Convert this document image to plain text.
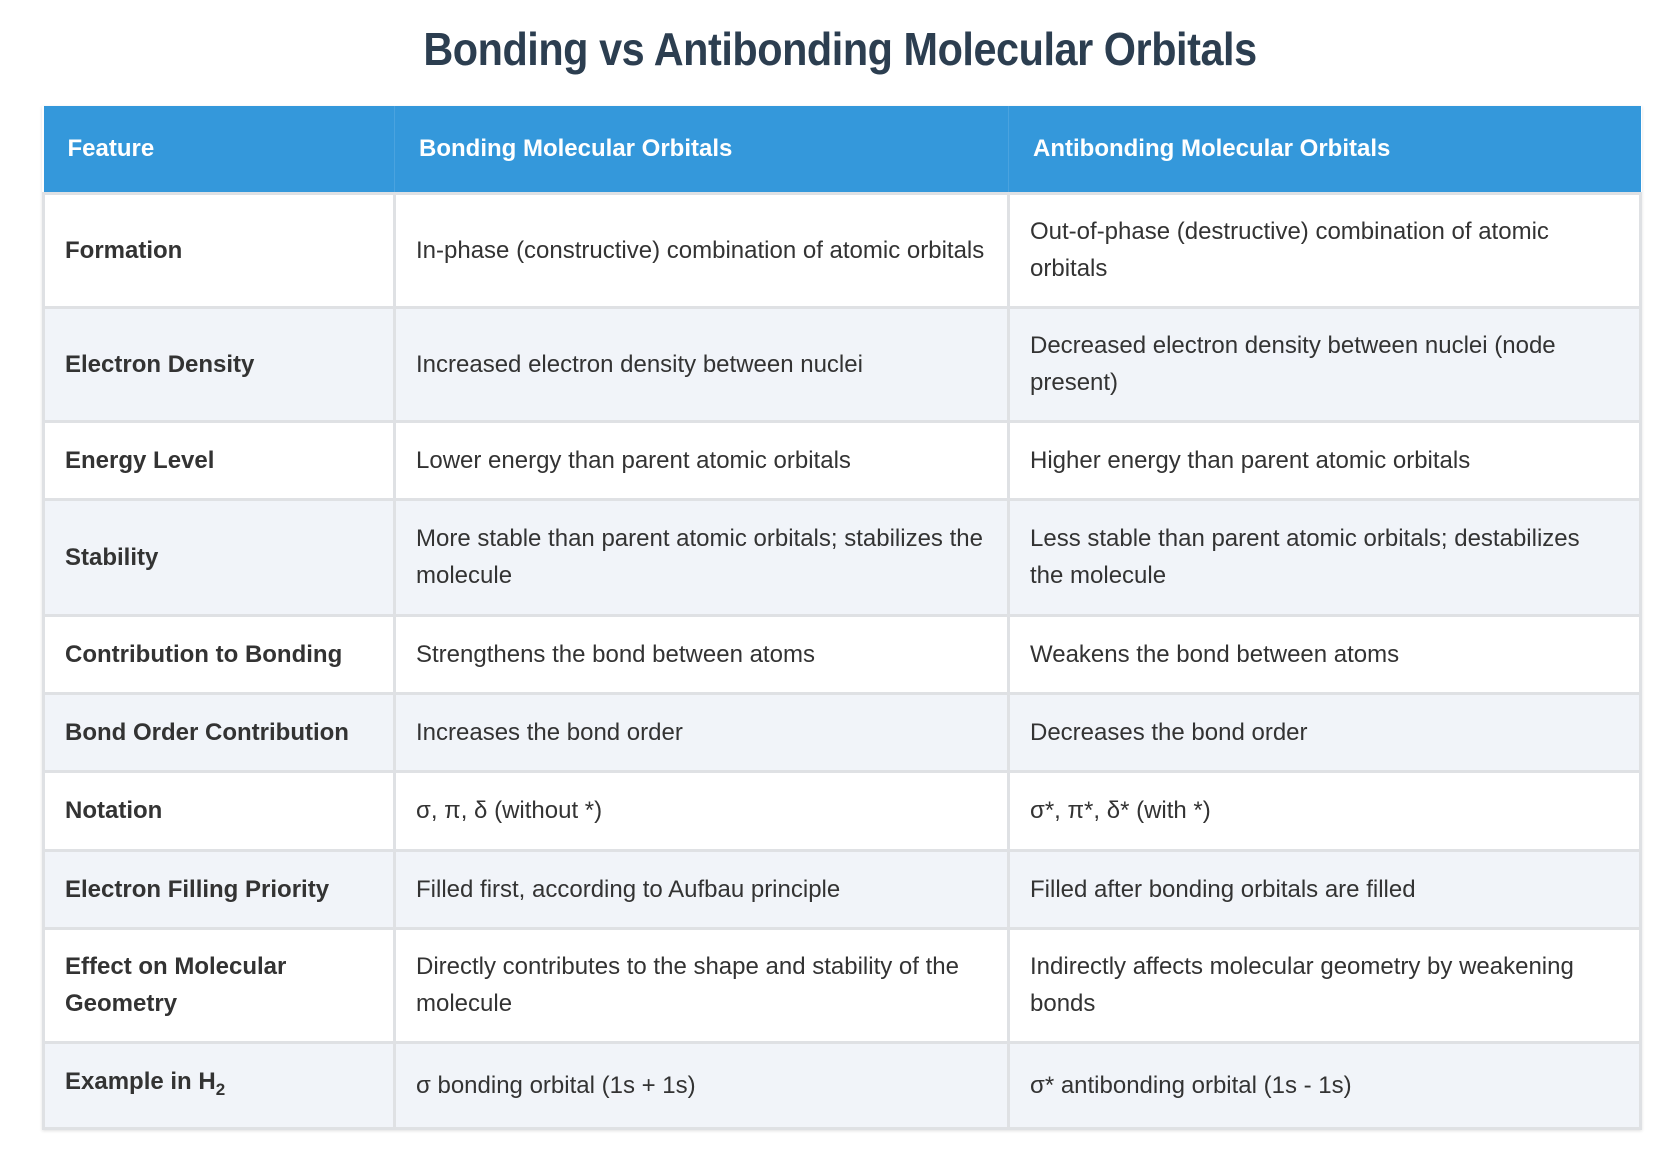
Bonding vs Antibonding Molecular Orbitals
Feature	Bonding Molecular Orbitals	Antibonding Molecular Orbitals
Formation	In-phase (constructive) combination of atomic orbitals	Out-of-phase (destructive) combination of atomic orbitals
Electron Density	Increased electron density between nuclei	Decreased electron density between nuclei (node present)
Energy Level	Lower energy than parent atomic orbitals	Higher energy than parent atomic orbitals
Stability	More stable than parent atomic orbitals; stabilizes the molecule	Less stable than parent atomic orbitals; destabilizes the molecule
Contribution to Bonding	Strengthens the bond between atoms	Weakens the bond between atoms
Bond Order Contribution	Increases the bond order	Decreases the bond order
Notation	σ, π, δ (without *)	σ*, π*, δ* (with *)
Electron Filling Priority	Filled first, according to Aufbau principle	Filled after bonding orbitals are filled
Effect on Molecular Geometry	Directly contributes to the shape and stability of the molecule	Indirectly affects molecular geometry by weakening bonds
Example in $H_2$	σ bonding orbital (1s + 1s)	σ* antibonding orbital (1s - 1s)
